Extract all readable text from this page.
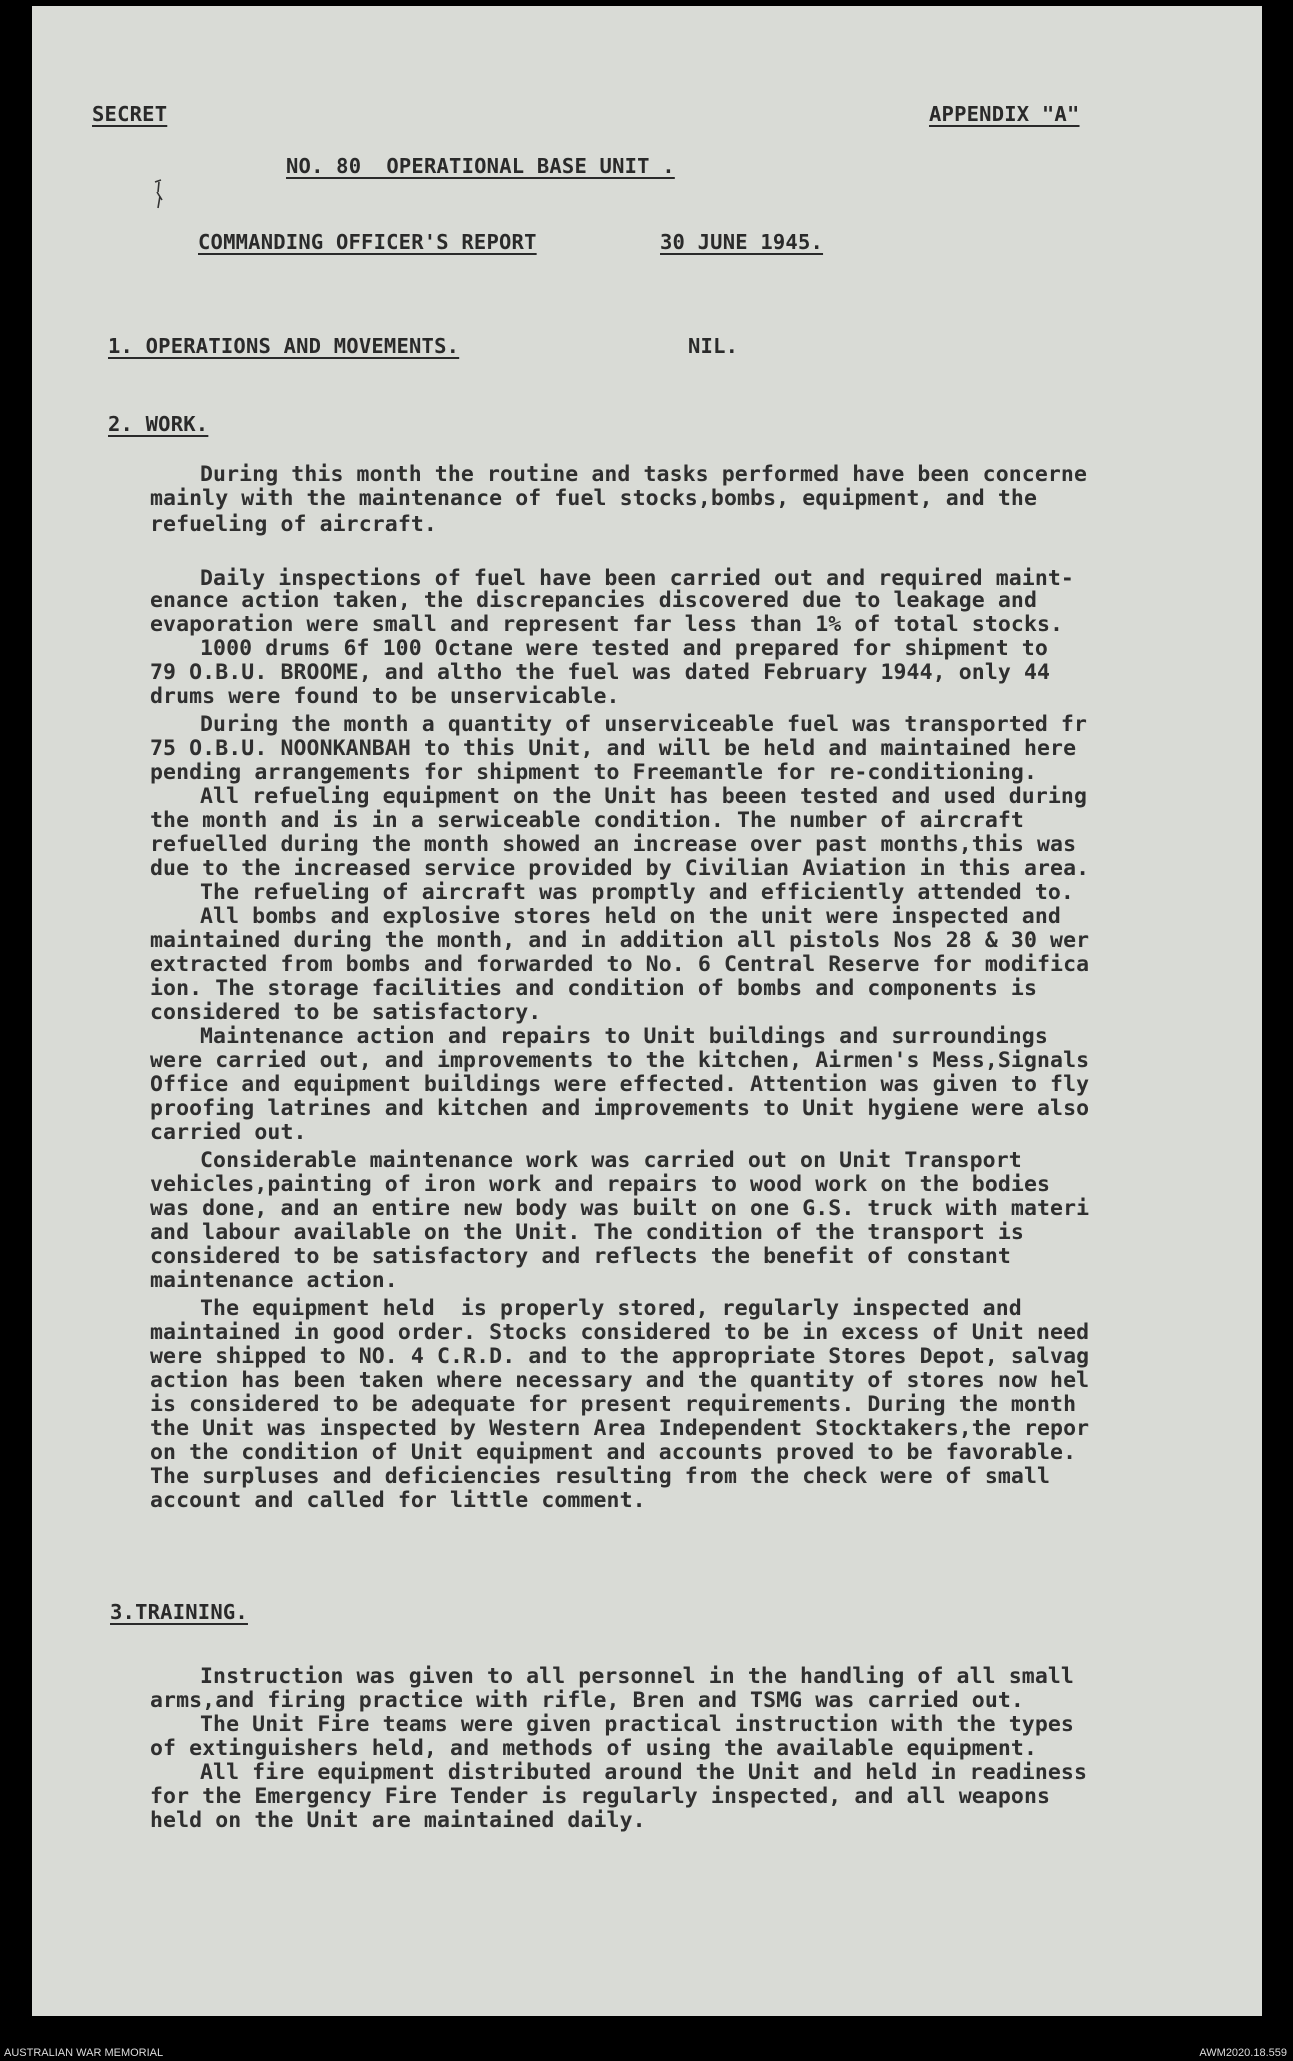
SECRET	APPENDIX "A"

NO. 80  OPERATIONAL BASE UNIT .

COMMANDING OFFICER'S REPORT	30 JUNE 1945.

1. OPERATIONS AND MOVEMENTS.	NIL.

2. WORK.

During this month the routine and tasks performed have been concerne

mainly with the maintenance of fuel stocks,bombs, equipment, and the

refueling of aircraft.

Daily inspections of fuel have been carried out and required maint-

enance action taken, the discrepancies discovered due to leakage and

evaporation were small and represent far less than 1% of total stocks.

1000 drums 6f 100 Octane were tested and prepared for shipment to

79 O.B.U. BROOME, and altho the fuel was dated February 1944, only 44

drums were found to be unservicable.

During the month a quantity of unserviceable fuel was transported fr

75 O.B.U. NOONKANBAH to this Unit, and will be held and maintained here

pending arrangements for shipment to Freemantle for re-conditioning.

All refueling equipment on the Unit has beeen tested and used during

the month and is in a serwiceable condition. The number of aircraft

refuelled during the month showed an increase over past months,this was

due to the increased service provided by Civilian Aviation in this area.

The refueling of aircraft was promptly and efficiently attended to.

All bombs and explosive stores held on the unit were inspected and

maintained during the month, and in addition all pistols Nos 28 & 30 wer

extracted from bombs and forwarded to No. 6 Central Reserve for modifica

ion. The storage facilities and condition of bombs and components is

considered to be satisfactory.

Maintenance action and repairs to Unit buildings and surroundings

were carried out, and improvements to the kitchen, Airmen's Mess,Signals

Office and equipment buildings were effected. Attention was given to fly

proofing latrines and kitchen and improvements to Unit hygiene were also

carried out.

Considerable maintenance work was carried out on Unit Transport

vehicles,painting of iron work and repairs to wood work on the bodies

was done, and an entire new body was built on one G.S. truck with materi

and labour available on the Unit. The condition of the transport is

considered to be satisfactory and reflects the benefit of constant

maintenance action.

The equipment held  is properly stored, regularly inspected and

maintained in good order. Stocks considered to be in excess of Unit need

were shipped to NO. 4 C.R.D. and to the appropriate Stores Depot, salvag

action has been taken where necessary and the quantity of stores now hel

is considered to be adequate for present requirements. During the month

the Unit was inspected by Western Area Independent Stocktakers,the repor

on the condition of Unit equipment and accounts proved to be favorable.

The surpluses and deficiencies resulting from the check were of small

account and called for little comment.

3.TRAINING.

Instruction was given to all personnel in the handling of all small

arms,and firing practice with rifle, Bren and TSMG was carried out.

The Unit Fire teams were given practical instruction with the types

of extinguishers held, and methods of using the available equipment.

All fire equipment distributed around the Unit and held in readiness

for the Emergency Fire Tender is regularly inspected, and all weapons

held on the Unit are maintained daily.

AUSTRALIAN WAR MEMORIAL	AWM2020.18.559
